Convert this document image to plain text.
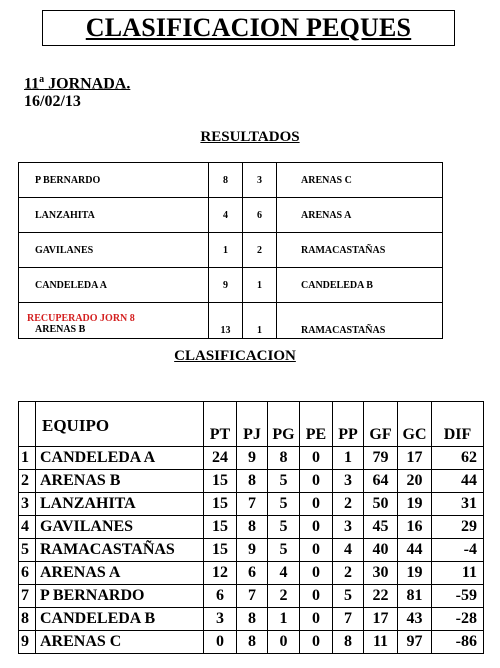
CLASIFICACION PEQUES
11$^a$ JORNADA.
16/02/13
RESULTADOS
P BERNARDO	8	3	ARENAS C
LANZAHITA	4	6	ARENAS A
GAVILANES	1	2	RAMACASTAÑAS
CANDELEDA A	9	1	CANDELEDA B

RECUPERADO JORN 8
ARENAS B	13	1	RAMACASTAÑAS
CLASIFICACION
	EQUIPO	PT	PJ	PG	PE	PP	GF	GC	DIF
1	CANDELEDA A	24	9	8	0	1	79	17	62
2	ARENAS B	15	8	5	0	3	64	20	44
3	LANZAHITA	15	7	5	0	2	50	19	31
4	GAVILANES	15	8	5	0	3	45	16	29
5	RAMACASTAÑAS	15	9	5	0	4	40	44	-4
6	ARENAS A	12	6	4	0	2	30	19	11
7	P BERNARDO	6	7	2	0	5	22	81	-59
8	CANDELEDA B	3	8	1	0	7	17	43	-28
9	ARENAS C	0	8	0	0	8	11	97	-86
